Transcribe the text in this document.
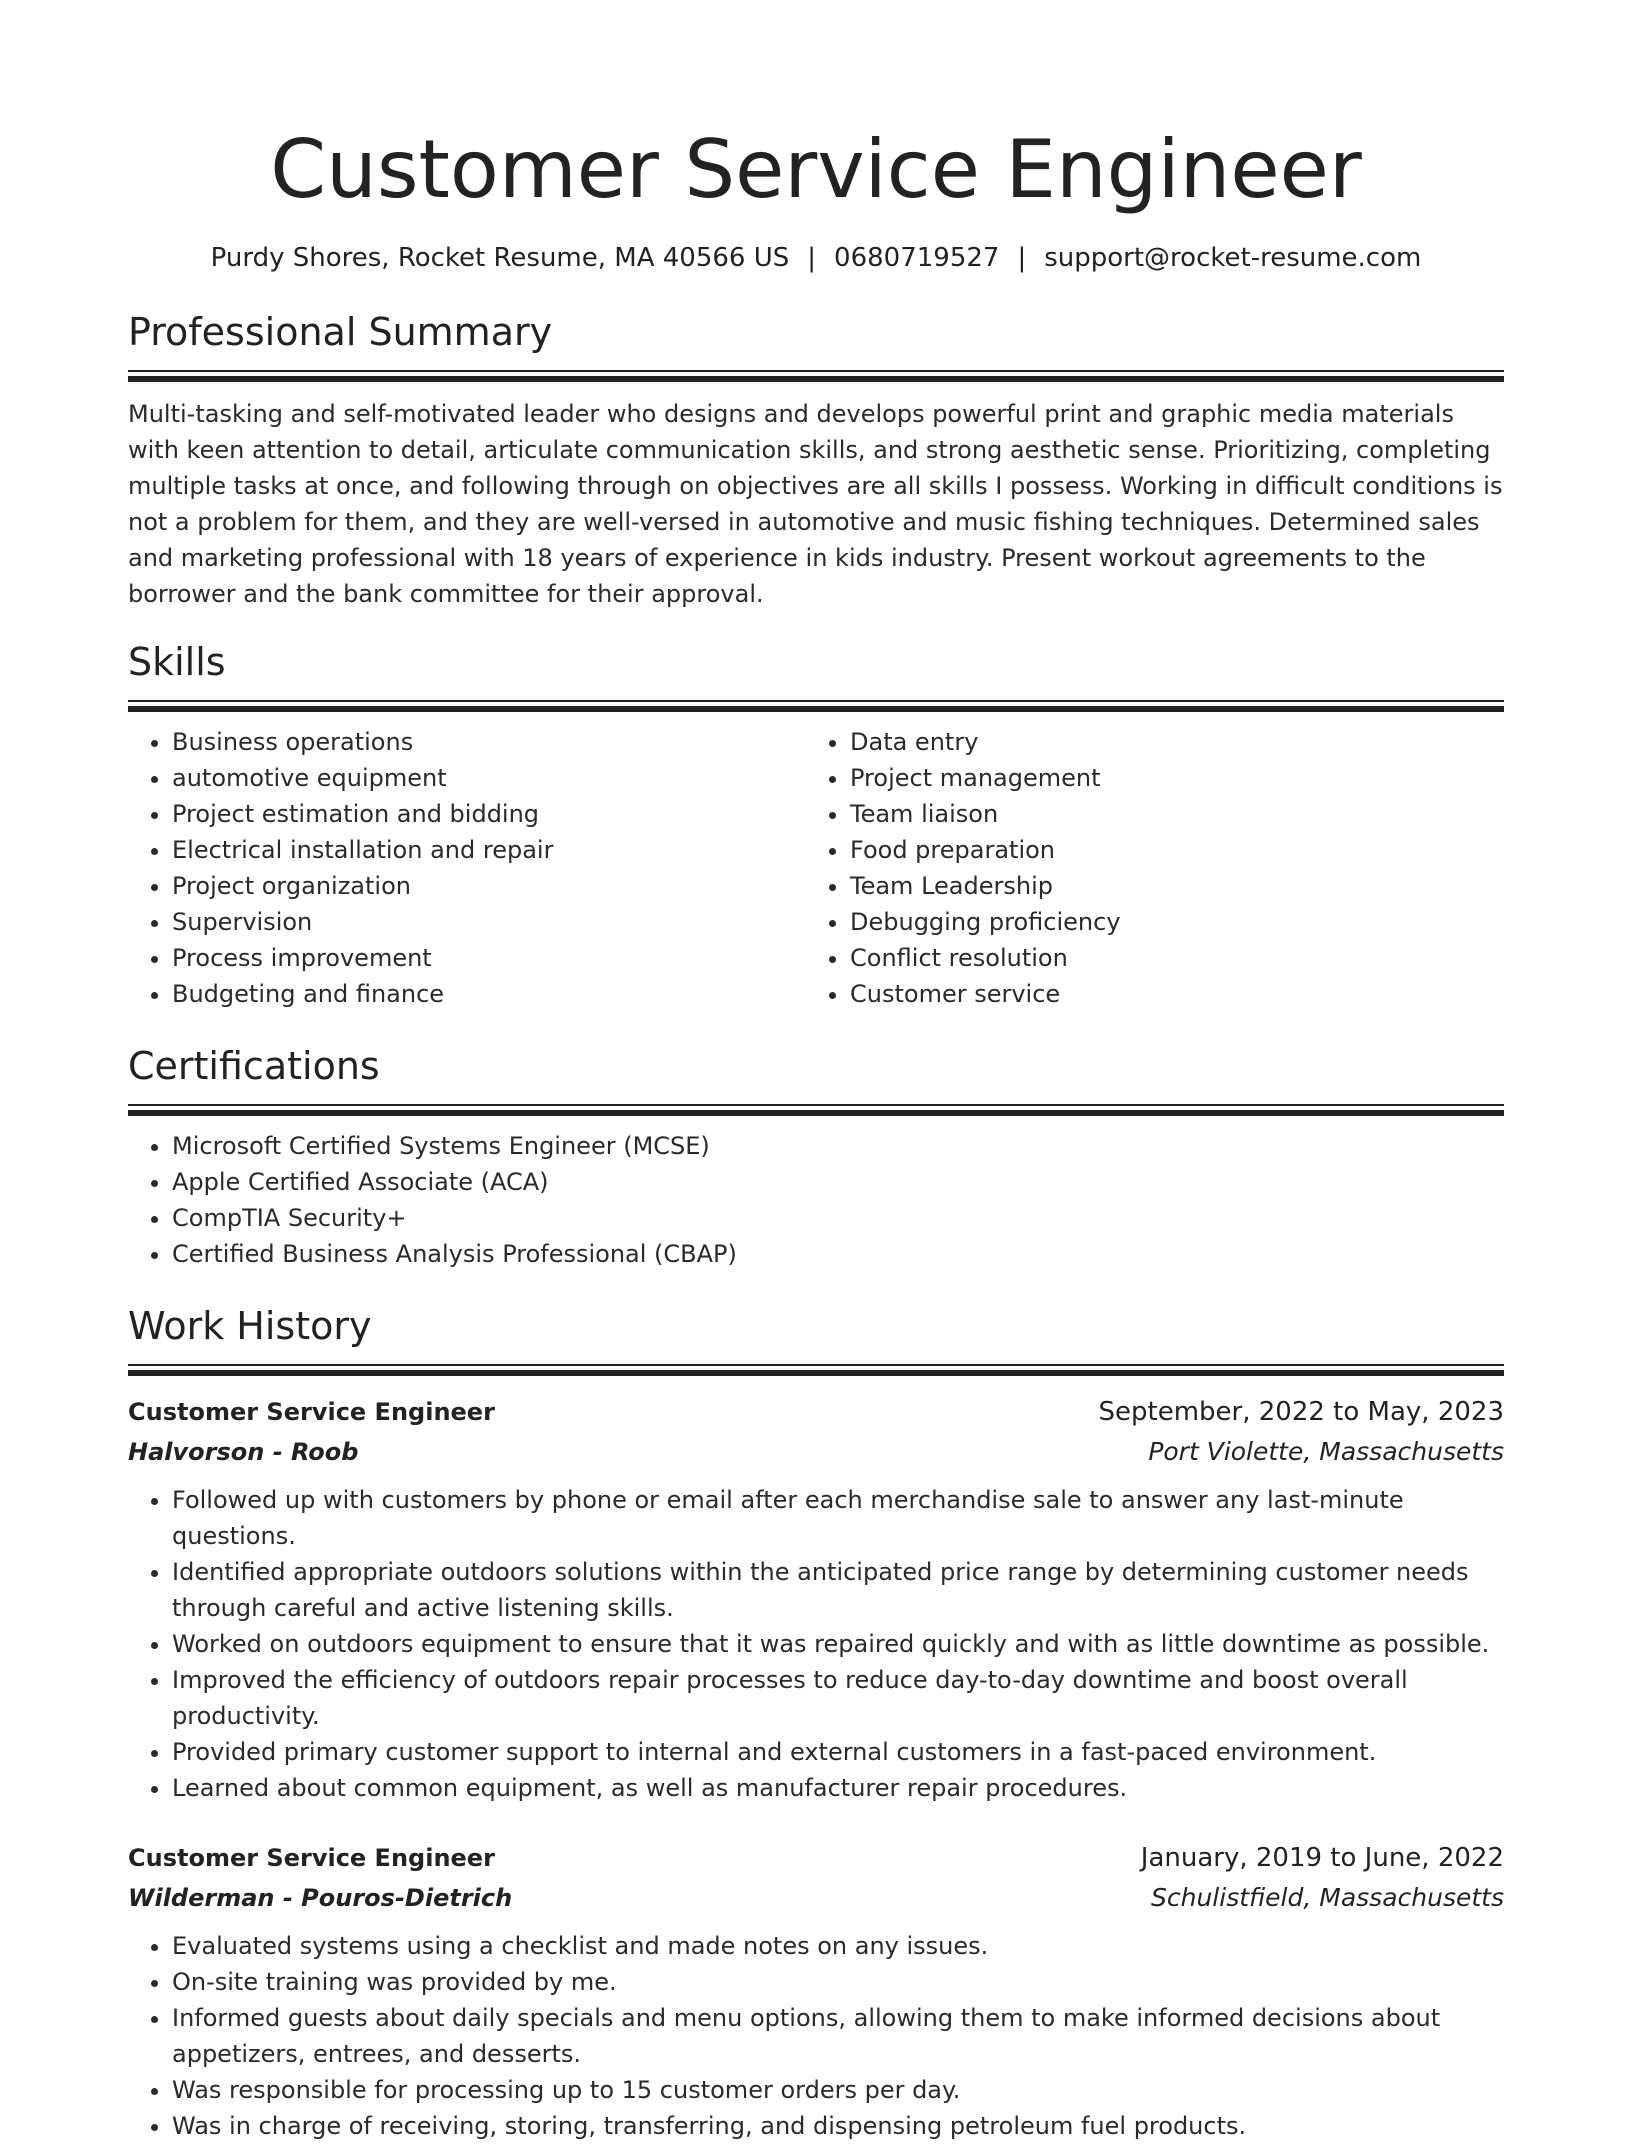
Customer Service Engineer
Purdy Shores, Rocket Resume, MA 40566 US | 0680719527 | support@rocket-resume.com
Professional Summary

Multi-tasking and self-motivated leader who designs and develops powerful print and graphic media materials with keen attention to detail, articulate communication skills, and strong aesthetic sense. Prioritizing, completing multiple tasks at once, and following through on objectives are all skills I possess. Working in difficult conditions is not a problem for them, and they are well-versed in automotive and music fishing techniques. Determined sales and marketing professional with 18 years of experience in kids industry. Present workout agreements to the borrower and the bank committee for their approval.

Skills
• Business operations
• automotive equipment
• Project estimation and bidding
• Electrical installation and repair
• Project organization
• Supervision
• Process improvement
• Budgeting and finance
• Data entry
• Project management
• Team liaison
• Food preparation
• Team Leadership
• Debugging proficiency
• Conflict resolution
• Customer service
Certifications
• Microsoft Certified Systems Engineer (MCSE)
• Apple Certified Associate (ACA)
• CompTIA Security+
• Certified Business Analysis Professional (CBAP)
Work History
Customer Service Engineer	September, 2022 to May, 2023
Halvorson - Roob	Port Violette, Massachusetts
• Followed up with customers by phone or email after each merchandise sale to answer any last-minute questions.
• Identified appropriate outdoors solutions within the anticipated price range by determining customer needs through careful and active listening skills.
• Worked on outdoors equipment to ensure that it was repaired quickly and with as little downtime as possible.
• Improved the efficiency of outdoors repair processes to reduce day-to-day downtime and boost overall productivity.
• Provided primary customer support to internal and external customers in a fast-paced environment.
• Learned about common equipment, as well as manufacturer repair procedures.
Customer Service Engineer	January, 2019 to June, 2022
Wilderman - Pouros-Dietrich	Schulistfield, Massachusetts
• Evaluated systems using a checklist and made notes on any issues.
• On-site training was provided by me.
• Informed guests about daily specials and menu options, allowing them to make informed decisions about appetizers, entrees, and desserts.
• Was responsible for processing up to 15 customer orders per day.
• Was in charge of receiving, storing, transferring, and dispensing petroleum fuel products.
